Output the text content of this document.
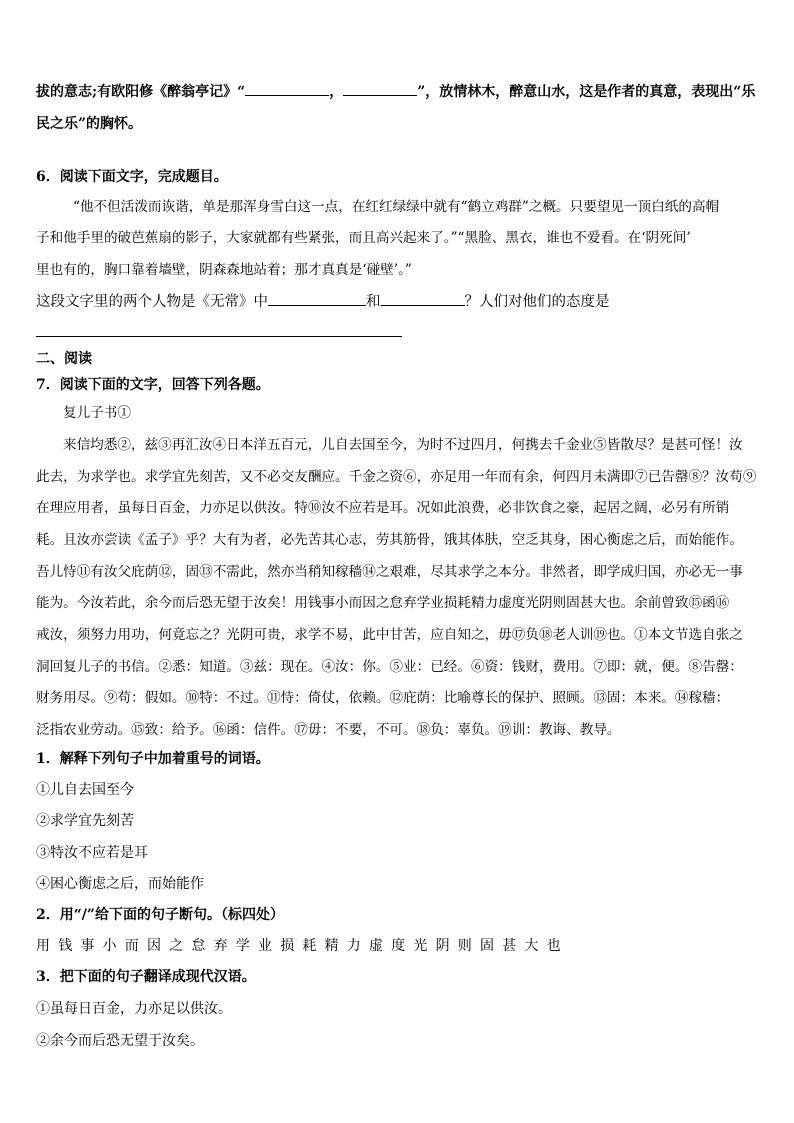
拔的意志;有欧阳修《醉翁亭记》“	，	”，放情林木，醉意山水，这是作者的真意，表现出“乐
民之乐”的胸怀。
6．阅读下面文字，完成题目。
“他不但活泼而诙谐，单是那浑身雪白这一点，在红红绿绿中就有“鹤立鸡群”之概。只要望见一顶白纸的高帽
子和他手里的破芭蕉扇的影子，大家就都有些紧张，而且高兴起来了。”“黑脸、黑衣，谁也不爱看。在‘阴死间’
里也有的，胸口靠着墙壁，阴森森地站着；那才真真是‘碰壁’。”
这段文字里的两个人物是《无常》中	和	？人们对他们的态度是
二、阅读
7．阅读下面的文字，回答下列各题。
复儿子书①
来信均悉②，兹③再汇汝④日本洋五百元，儿自去国至今，为时不过四月，何携去千金业⑤皆散尽？是甚可怪！汝
此去，为求学也。求学宜先刻苦，又不必交友酬应。千金之资⑥，亦足用一年而有余，何四月未满即⑦已告罄⑧？汝苟⑨
在理应用者，虽每日百金，力亦足以供汝。特⑩汝不应若是耳。况如此浪费，必非饮食之豪，起居之阔，必另有所销
耗。且汝亦尝读《孟子》乎？大有为者，必先苦其心志，劳其筋骨，饿其体肤，空乏其身，困心衡虑之后，而始能作。
吾儿恃⑪有汝父庇荫⑫，固⑬不需此，然亦当稍知稼穑⑭之艰难，尽其求学之本分。非然者，即学成归国，亦必无一事
能为。今汝若此，余今而后恐无望于汝矣！用钱事小而因之怠弃学业损耗精力虚度光阴则固甚大也。余前曾致⑮函⑯
戒汝，须努力用功，何竟忘之？光阴可贵，求学不易，此中甘苦，应自知之，毋⑰负⑱老人训⑲也。①本文节选自张之
洞回复儿子的书信。②悉：知道。③兹：现在。④汝：你。⑤业：已经。⑥资：钱财，费用。⑦即：就，便。⑧告罄：
财务用尽。⑨苟：假如。⑩特：不过。⑪恃：倚仗，依赖。⑫庇荫：比喻尊长的保护、照顾。⑬固：本来。⑭稼穑：
泛指农业劳动。⑮致：给予。⑯函：信件。⑰毋：不要，不可。⑱负：辜负。⑲训：教诲、教导。
1．解释下列句子中加着重号的词语。
①儿自去国至今
②求学宜先刻苦
③特汝不应若是耳
④困心衡虑之后，而始能作
2．用“/”给下面的句子断句。（标四处）
用钱事小而因之怠弃学业损耗精力虚度光阴则固甚大也
3．把下面的句子翻译成现代汉语。
①虽每日百金，力亦足以供汝。
②余今而后恐无望于汝矣。
